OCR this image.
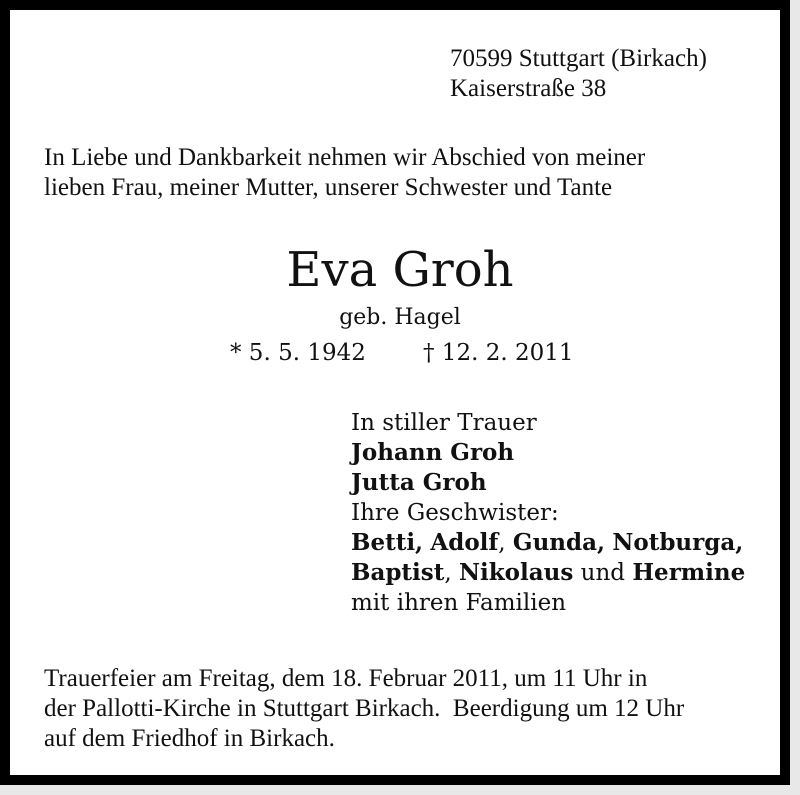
70599 Stuttgart (Birkach)
Kaiserstraße 38
In Liebe und Dankbarkeit nehmen wir Abschied von meiner
lieben Frau, meiner Mutter, unserer Schwester und Tante
Eva Groh
geb. Hagel
* 5. 5. 1942 † 12. 2. 2011
In stiller Trauer
Johann Groh
Jutta Groh
Ihre Geschwister:
Betti, Adolf, Gunda, Notburga,
Baptist, Nikolaus und Hermine
mit ihren Familien
Trauerfeier am Freitag, dem 18. Februar 2011, um 11 Uhr in
der Pallotti-Kirche in Stuttgart Birkach.  Beerdigung um 12 Uhr
auf dem Friedhof in Birkach.
